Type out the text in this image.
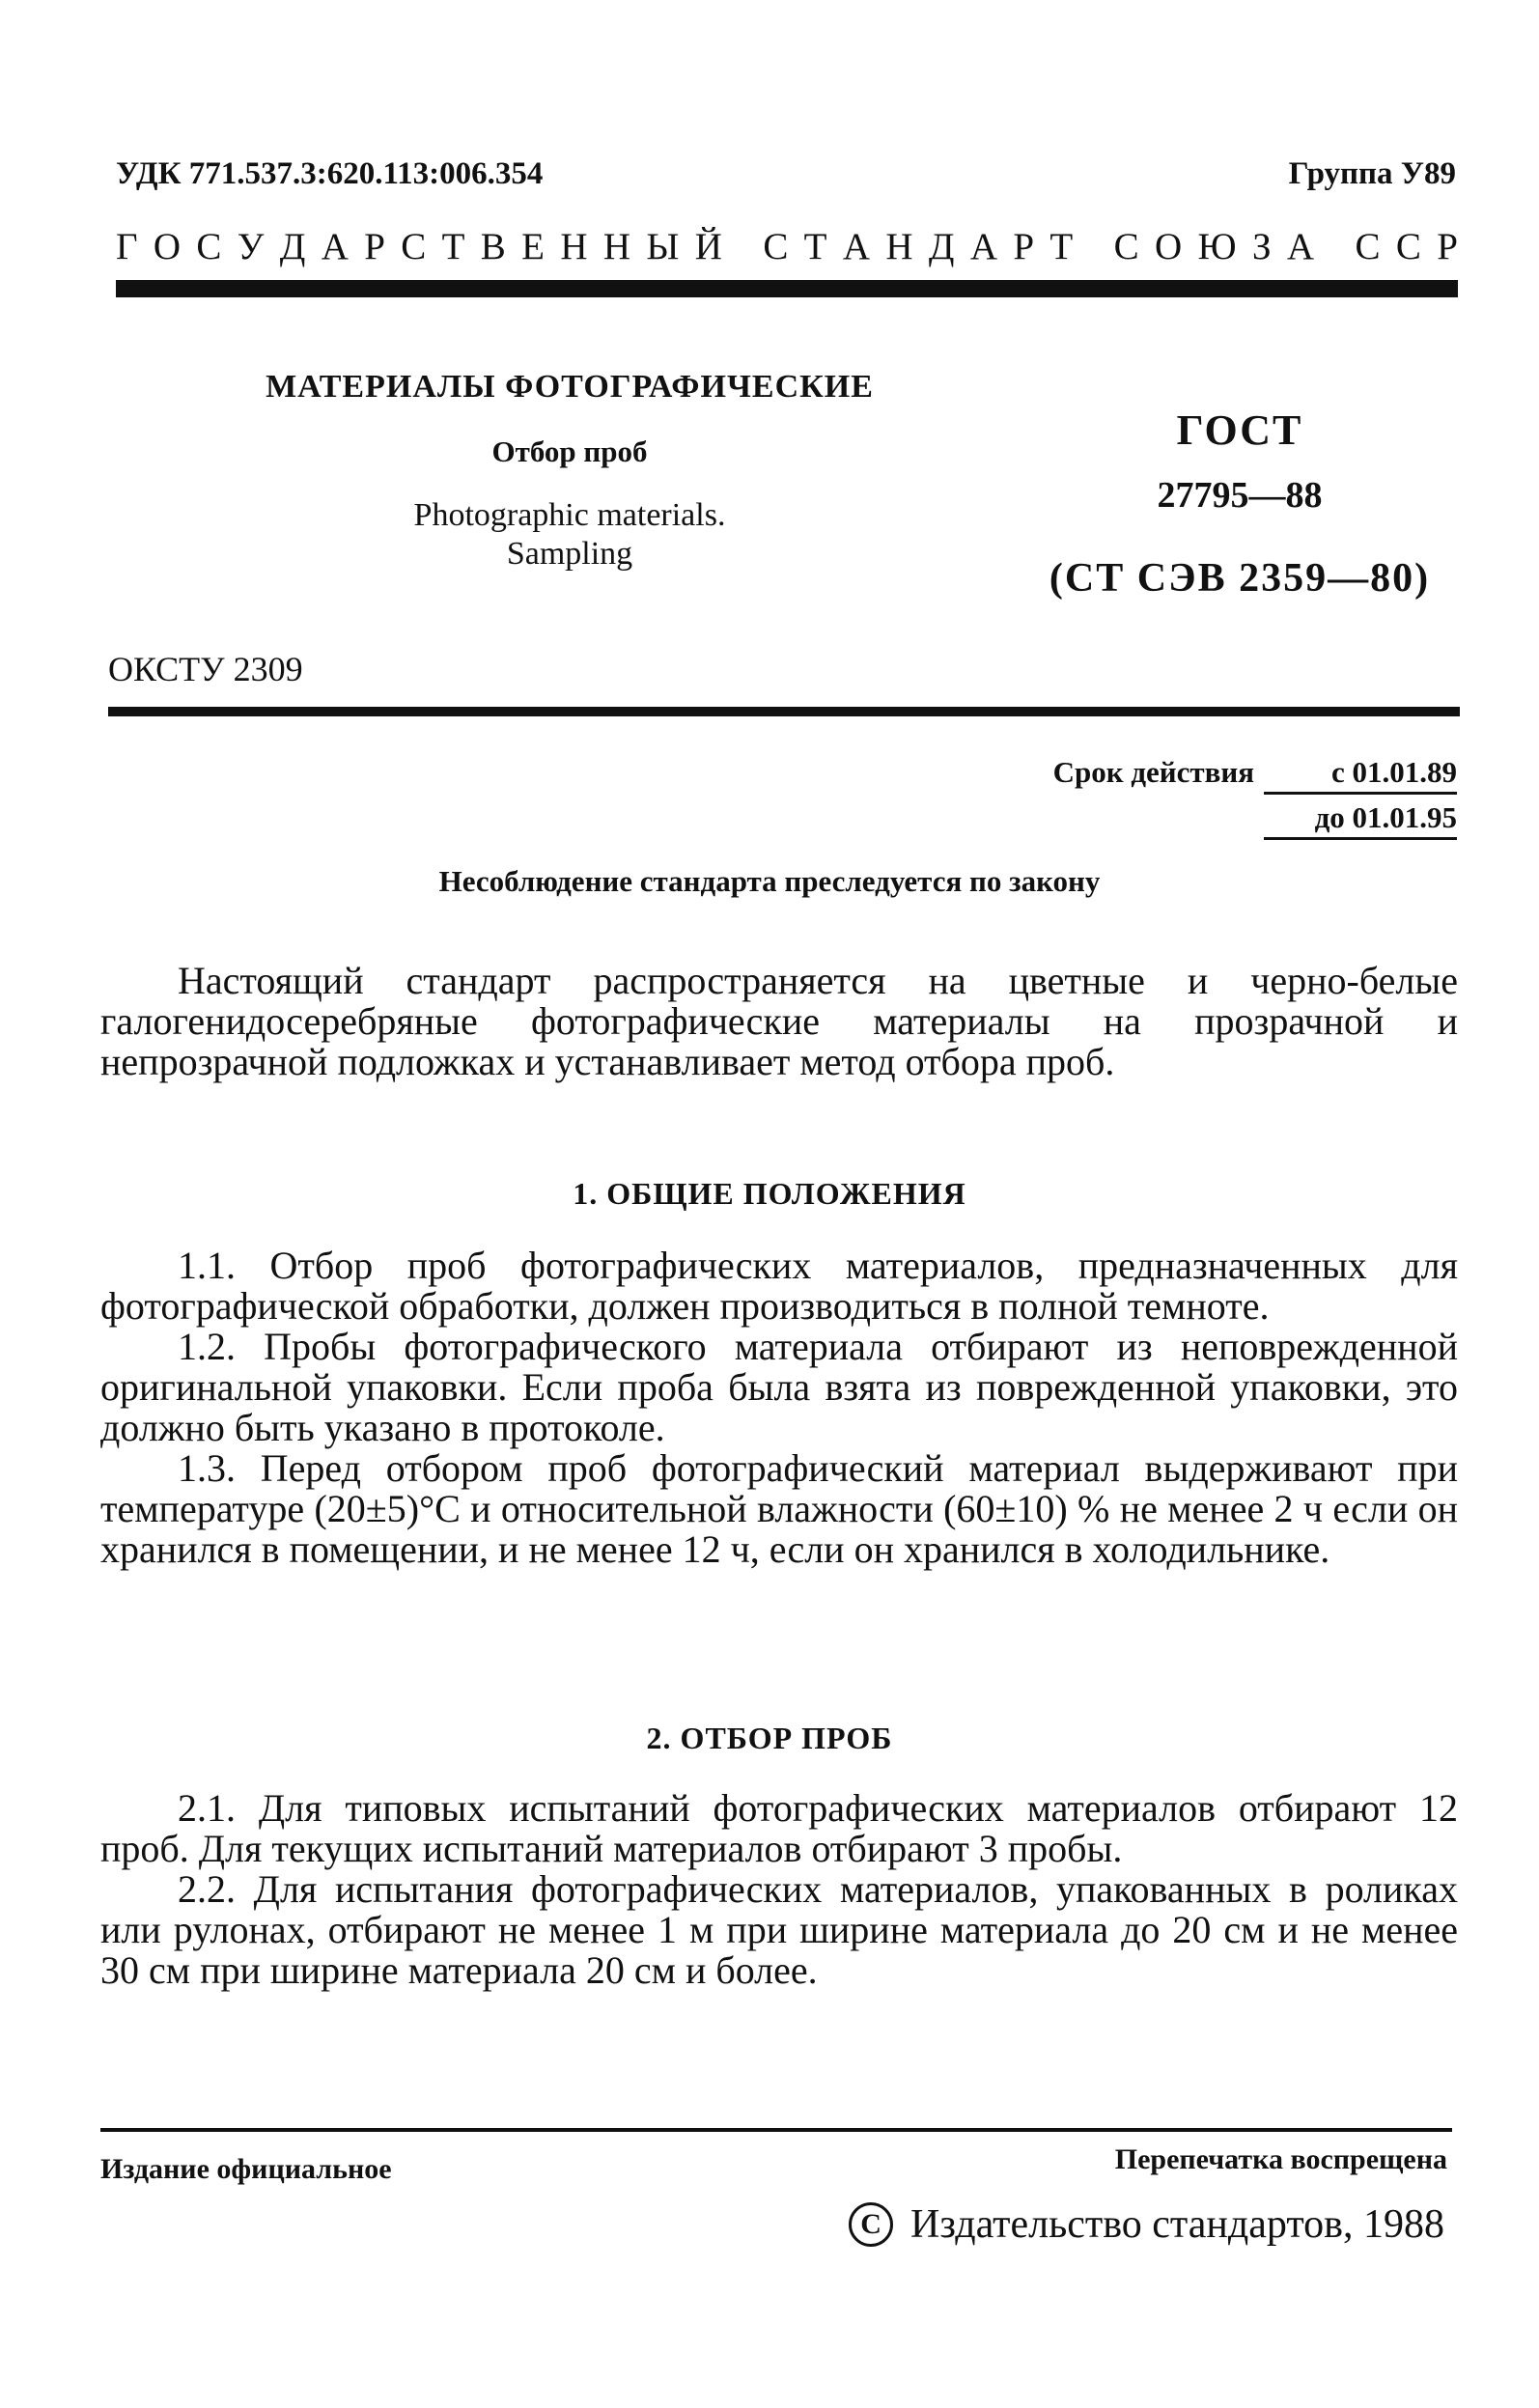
УДК 771.537.3:620.113:006.354	Группа У89
Г О С У Д А Р С Т В Е Н Н Ы Й
С Т А Н Д А Р Т
С О Ю З А
С С Р
МАТЕРИАЛЫ ФОТОГРАФИЧЕСКИЕ
Отбор проб
Photographic materials.
Sampling
ГОСТ
27795—88
(СТ СЭВ 2359—80)
ОКСТУ 2309
Срок действия	с 01.01.89
до 01.01.95
Несоблюдение стандарта преследуется по закону

Настоящий стандарт распространяется на цветные и черно-белые галогенидосеребряные фотографические материалы на прозрачной и непрозрачной подложках и устанавливает метод отбора проб.

1. ОБЩИЕ ПОЛОЖЕНИЯ

1.1. Отбор проб фотографических материалов, предназначенных для фотографической обработки, должен производиться в полной темноте.

1.2. Пробы фотографического материала отбирают из неповрежденной оригинальной упаковки. Если проба была взята из поврежденной упаковки, это должно быть указано в протоколе.

1.3. Перед отбором проб фотографический материал выдерживают при температуре (20±5)°С и относительной влажности (60±10) % не менее 2 ч если он хранился в помещении, и не менее 12 ч, если он хранился в холодильнике.

2. ОТБОР ПРОБ

2.1. Для типовых испытаний фотографических материалов отбирают 12 проб. Для текущих испытаний материалов отбирают 3 пробы.

2.2. Для испытания фотографических материалов, упакованных в роликах или рулонах, отбирают не менее 1 м при ширине материала до 20 см и не менее 30 см при ширине материала 20 см и более.

Издание официальное	Перепечатка воспрещена
C Издательство стандартов, 1988
